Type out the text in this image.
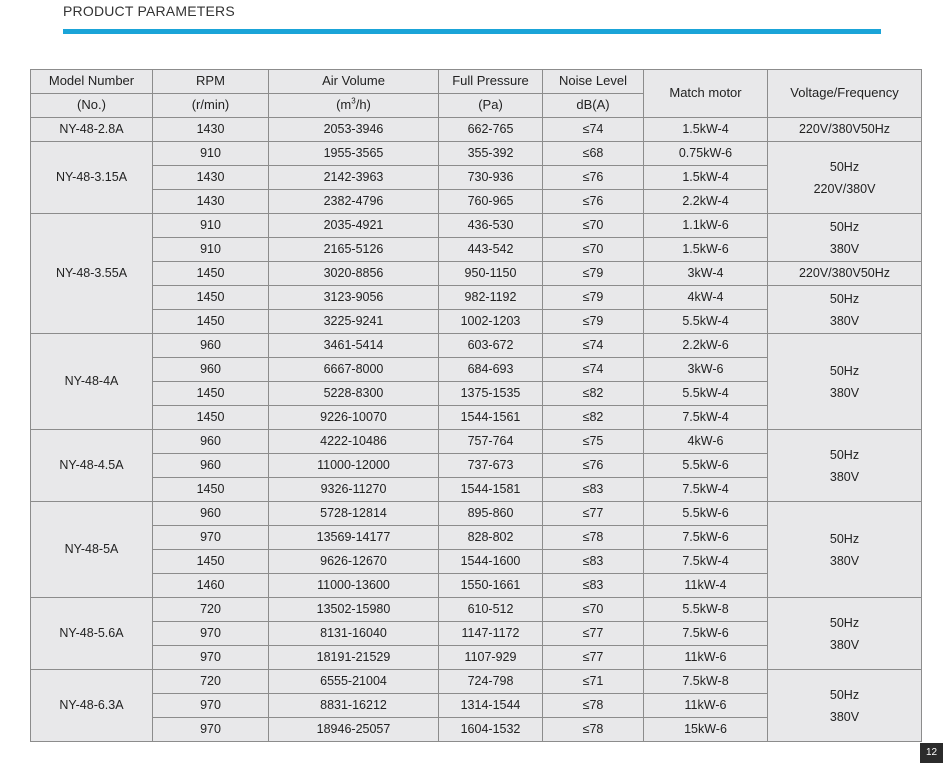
PRODUCT PARAMETERS
Model Number	RPM	Air Volume	Full Pressure	Noise Level	Match motor	Voltage/Frequency
(No.)	(r/min)	$(m^3/h)$	(Pa)	dB(A)		
NY-48-2.8A	1430	2053-3946	662-765	≤74	1.5kW-4	220V/380V50Hz

NY-48-3.15A	910	1955-3565	355-392	≤68	0.75kW-6	50Hz
220V/380V

	1430	2142-3963	730-936	≤76	1.5kW-4	
	1430	2382-4796	760-965	≤76	2.2kW-4	
NY-48-3.55A	910	2035-4921	436-530	≤70	1.1kW-6	50Hz
380V

	910	2165-5126	443-542	≤70	1.5kW-6	
	1450	3020-8856	950-1150	≤79	3kW-4	220V/380V50Hz

	1450	3123-9056	982-1192	≤79	4kW-4	50Hz
380V

	1450	3225-9241	1002-1203	≤79	5.5kW-4	
NY-48-4A	960	3461-5414	603-672	≤74	2.2kW-6	50Hz
380V

	960	6667-8000	684-693	≤74	3kW-6	
	1450	5228-8300	1375-1535	≤82	5.5kW-4	
	1450	9226-10070	1544-1561	≤82	7.5kW-4	
NY-48-4.5A	960	4222-10486	757-764	≤75	4kW-6	50Hz
380V

	960	11000-12000	737-673	≤76	5.5kW-6	
	1450	9326-11270	1544-1581	≤83	7.5kW-4	
NY-48-5A	960	5728-12814	895-860	≤77	5.5kW-6	50Hz
380V

	970	13569-14177	828-802	≤78	7.5kW-6	
	1450	9626-12670	1544-1600	≤83	7.5kW-4	
	1460	11000-13600	1550-1661	≤83	11kW-4	
NY-48-5.6A	720	13502-15980	610-512	≤70	5.5kW-8	50Hz
380V

	970	8131-16040	1147-1172	≤77	7.5kW-6	
	970	18191-21529	1107-929	≤77	11kW-6	
NY-48-6.3A	720	6555-21004	724-798	≤71	7.5kW-8	50Hz
380V

	970	8831-16212	1314-1544	≤78	11kW-6	
	970	18946-25057	1604-1532	≤78	15kW-6	
12
